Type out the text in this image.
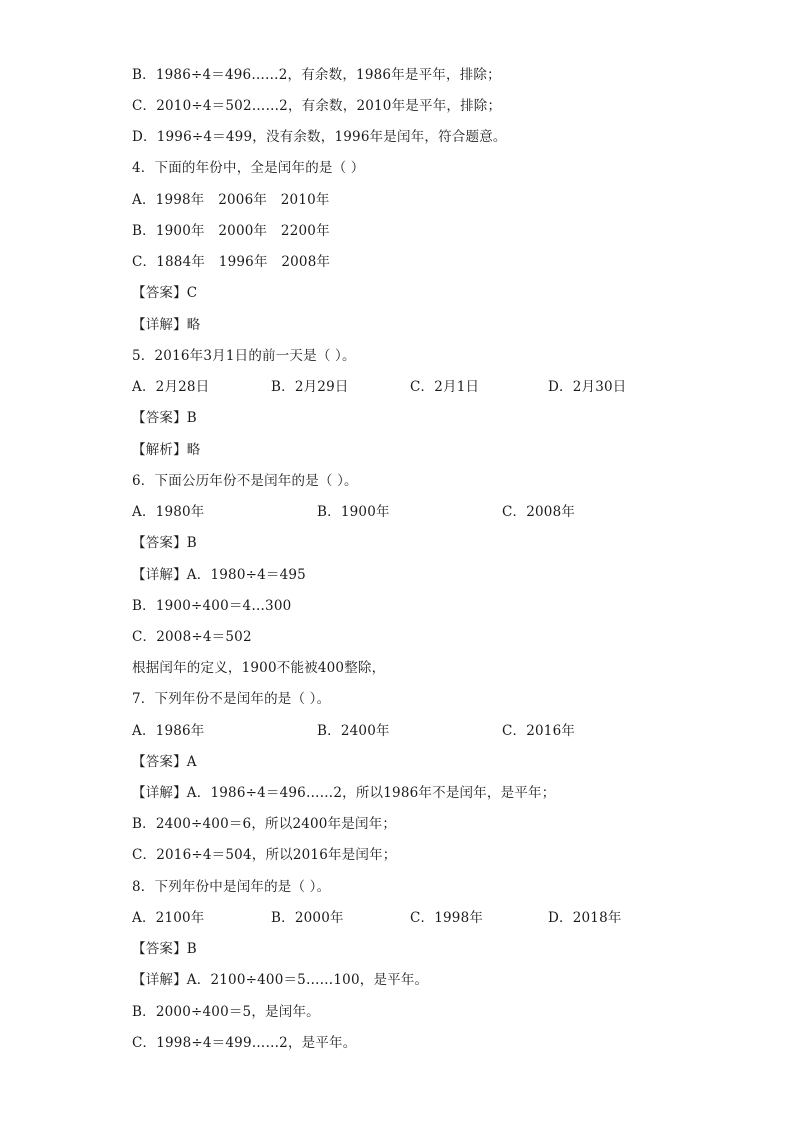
B．1986÷4＝496……2，有余数，1986年是平年，排除；
C．2010÷4＝502……2，有余数，2010年是平年，排除；
D．1996÷4＝499，没有余数，1996年是闰年，符合题意。
4．下面的年份中，全是闰年的是（ ）
A．1998年　2006年　2010年
B．1900年　2000年　2200年
C．1884年　1996年　2008年
【答案】C
【详解】略
5．2016年3月1日的前一天是（ ）。
A．2月28日	B．2月29日	C．2月1日	D．2月30日
【答案】B
【解析】略
6．下面公历年份不是闰年的是（ ）。
A．1980年	B．1900年	C．2008年
【答案】B
【详解】A．1980÷4＝495
B．1900÷400＝4…300
C．2008÷4＝502
根据闰年的定义，1900不能被400整除，
7．下列年份不是闰年的是（ ）。
A．1986年	B．2400年	C．2016年
【答案】A
【详解】A．1986÷4＝496……2，所以1986年不是闰年，是平年；
B．2400÷400＝6，所以2400年是闰年；
C．2016÷4＝504，所以2016年是闰年；
8．下列年份中是闰年的是（ ）。
A．2100年	B．2000年	C．1998年	D．2018年
【答案】B
【详解】A．2100÷400＝5……100，是平年。
B．2000÷400＝5，是闰年。
C．1998÷4＝499……2，是平年。
